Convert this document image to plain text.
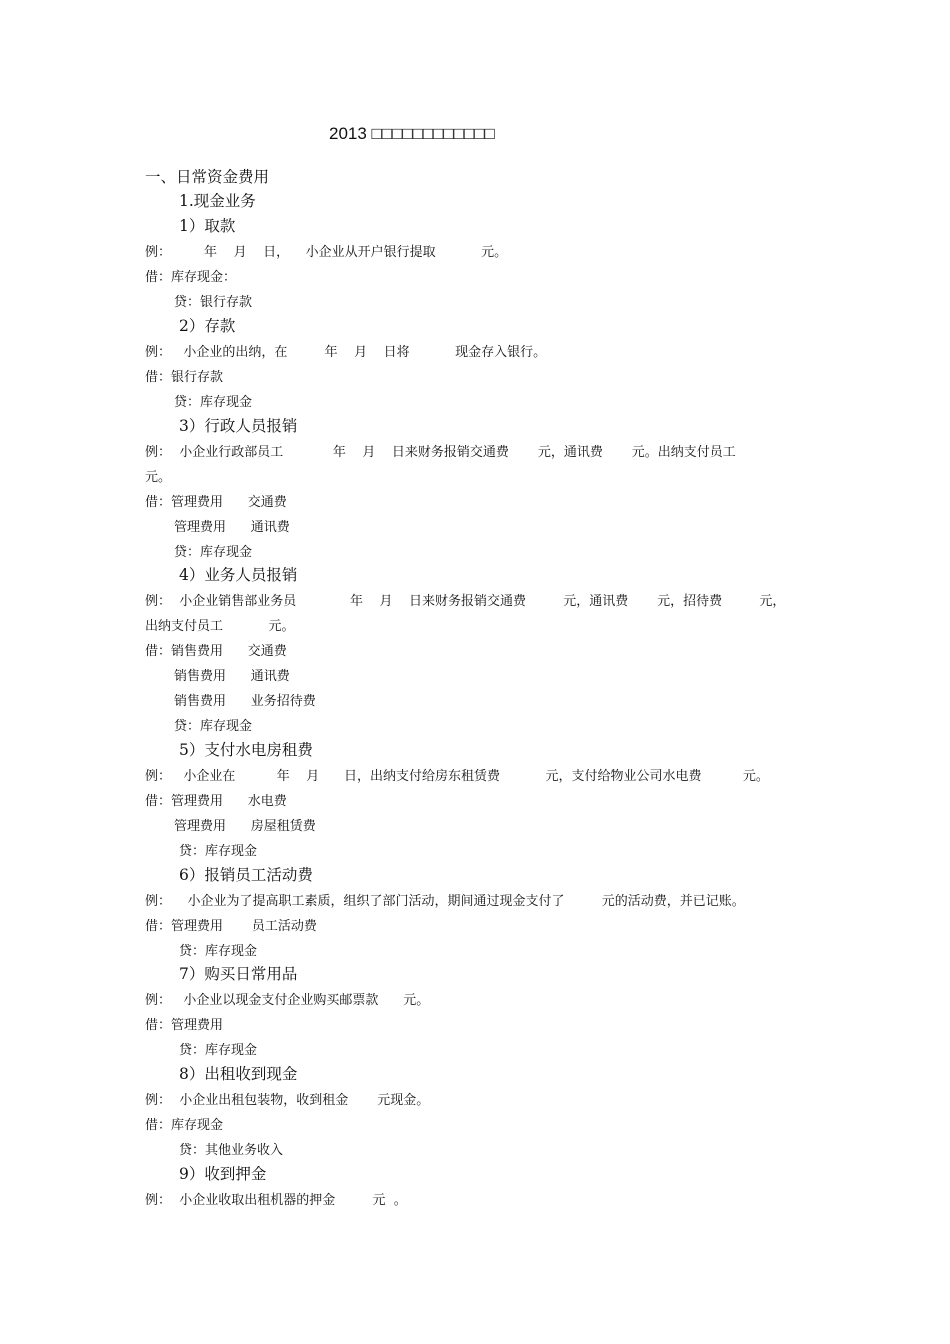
2013 □□□□□□□□□□□□
一、日常资金费用
1.现金业务
1）取款
例：        年    月    日，    小企业从开户银行提取           元。
借：库存现金：
贷：银行存款
2）存款
例：   小企业的出纳，在         年    月    日将           现金存入银行。
借：银行存款
贷：库存现金
3）行政人员报销
例：  小企业行政部员工            年    月    日来财务报销交通费       元，通讯费       元。出纳支付员工
元。
借：管理费用      交通费
管理费用      通讯费
贷：库存现金
4）业务人员报销
例：  小企业销售部业务员             年    月    日来财务报销交通费         元，通讯费       元，招待费         元，
出纳支付员工           元。
借：销售费用      交通费
销售费用      通讯费
销售费用      业务招待费
贷：库存现金
5）支付水电房租费
例：   小企业在          年    月      日，出纳支付给房东租赁费           元，支付给物业公司水电费          元。
借：管理费用      水电费
管理费用      房屋租赁费
贷：库存现金
6）报销员工活动费
例：    小企业为了提高职工素质，组织了部门活动，期间通过现金支付了         元的活动费，并已记账。
借：管理费用       员工活动费
贷：库存现金
7）购买日常用品
例：   小企业以现金支付企业购买邮票款      元。
借：管理费用
贷：库存现金
8）出租收到现金
例：  小企业出租包装物，收到租金       元现金。
借：库存现金
贷：其他业务收入
9）收到押金
例：  小企业收取出租机器的押金         元  。
